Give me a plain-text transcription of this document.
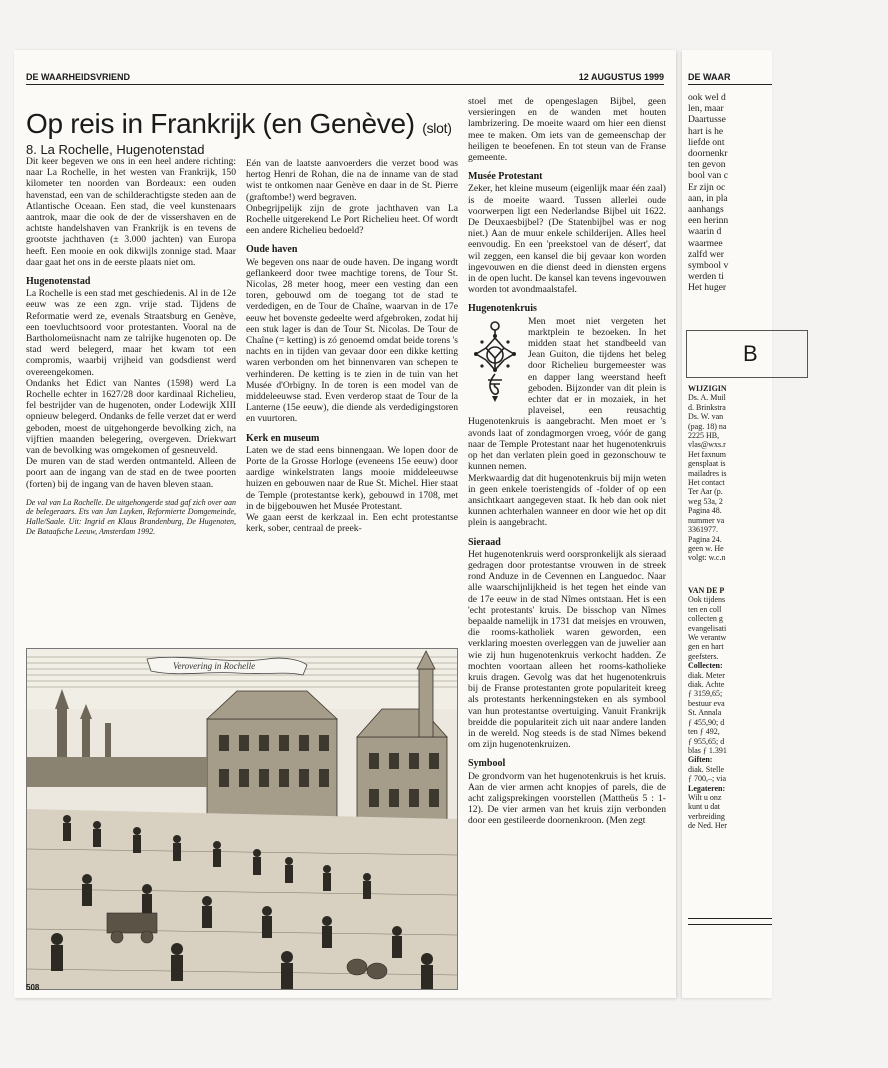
DE WAARHEIDSVRIEND	12 AUGUSTUS 1999
Op reis in Frankrijk (en Genève) (slot)
8. La Rochelle, Hugenotenstad

Dit keer begeven we ons in een heel andere richting: naar La Rochelle, in het westen van Frankrijk, 150 kilometer ten noorden van Bordeaux: een ouden havenstad, een van de schilderachtigste steden aan de Atlantische Oceaan. Een stad, die veel kunstenaars aantrok, maar die ook de der de vissershaven en de achtste handelshaven van Frankrijk is en tevens de grootste jachthaven (± 3.000 jachten) van Europa heeft. Een mooie en ook dikwijls zonnige stad. Maar daar gaat het ons in de eerste plaats niet om.

Hugenotenstad

La Rochelle is een stad met geschiedenis. Al in de 12e eeuw was ze een zgn. vrije stad. Tijdens de Reformatie werd ze, evenals Straatsburg en Genève, een toevluchtsoord voor protestanten. Vooral na de Bartholomeüsnacht nam ze talrijke hugenoten op. De stad werd belegerd, maar het kwam tot een compromis, waarbij vrijheid van godsdienst werd overeengekomen.

Ondanks het Edict van Nantes (1598) werd La Rochelle echter in 1627/28 door kardinaal Richelieu, fel bestrijder van de hugenoten, onder Lodewijk XIII opnieuw belegerd. Ondanks de felle verzet dat er werd geboden, moest de uitgehongerde bevolking zich, na vijftien maanden belegering, overgeven. Driekwart van de bevolking was omgekomen of gesneuveld.

De muren van de stad werden ontmanteld. Alleen de poort aan de ingang van de stad en de twee poorten (forten) bij de ingang van de haven bleven staan.

De val van La Rochelle. De uitgehongerde stad gaf zich over aan de belegeraars. Ets van Jan Luyken, Reformierte Domgemeinde, Halle/Saale. Uit: Ingrid en Klaus Brandenburg, De Hugenoten, De Bataafsche Leeuw, Amsterdam 1992.

Eén van de laatste aanvoerders die verzet bood was hertog Henri de Rohan, die na de inname van de stad wist te ontkomen naar Genève en daar in de St. Pierre (graftombe!) werd begraven.

Onbegrijpelijk zijn de grote jachthaven van La Rochelle uitgerekend Le Port Richelieu heet. Of wordt een andere Richelieu bedoeld?

Oude haven

We begeven ons naar de oude haven. De ingang wordt geflankeerd door twee machtige torens, de Tour St. Nicolas, 28 meter hoog, meer een vesting dan een toren, gebouwd om de toegang tot de stad te verdedigen, en de Tour de Chaîne, waarvan in de 17e eeuw het bovenste gedeelte werd afgebroken, zodat hij een stuk lager is dan de Tour St. Nicolas. De Tour de Chaîne (= ketting) is zó genoemd omdat beide torens 's nachts en in tijden van gevaar door een dikke ketting waren verbonden om het binnenvaren van schepen te verhinderen. De ketting is te zien in de tuin van het Musée d'Orbigny. In de toren is een model van de middeleeuwse stad. Even verderop staat de Tour de la Lanterne (15e eeuw), die diende als verdedigingstoren en vuurtoren.

Kerk en museum

Laten we de stad eens binnengaan. We lopen door de Porte de la Grosse Horloge (eveneens 15e eeuw) door aardige winkelstraten langs mooie middeleeuwse huizen en gebouwen naar de Rue St. Michel. Hier staat de Temple (protestantse kerk), gebouwd in 1708, met in de bijgebouwen het Musée Protestant.

We gaan eerst de kerkzaal in. Een echt protestantse kerk, sober, centraal de preek-

stoel met de opengeslagen Bijbel, geen versieringen en de wanden met houten lambrizering. De moeite waard om hier een dienst mee te maken. Om iets van de gemeenschap der heiligen te beoefenen. En tot steun van de Franse gemeente.

Musée Protestant

Zeker, het kleine museum (eigenlijk maar één zaal) is de moeite waard. Tussen allerlei oude voorwerpen ligt een Nederlandse Bijbel uit 1622. De Deuxaesbijbel? (De Statenbijbel was er nog niet.) Aan de muur enkele schilderijen. Alles heel eenvoudig. En een 'preekstoel van de désert', dat wil zeggen, een kansel die bij gevaar kon worden ingevouwen en die dienst deed in diensten ergens in de open lucht. De kansel kan tevens ingevouwen worden tot avondmaalstafel.

Hugenotenkruis

Men moet niet vergeten het marktplein te bezoeken. In het midden staat het standbeeld van Jean Guiton, die tijdens het beleg door Richelieu burgemeester was en dapper lang weerstand heeft geboden. Bijzonder van dit plein is echter dat er in mozaiek, in het plaveisel, een reusachtig Hugenotenkruis is aangebracht. Men moet er 's avonds laat of zondagmorgen vroeg, vóór de gang naar de Temple Protestant naar het hugenotenkruis op het dan verlaten plein goed in gezonschouw te kunnen nemen.

Merkwaardig dat dit hugenotenkruis bij mijn weten in geen enkele toeristengids of -folder of op een ansichtkaart aangegeven staat. Ik heb dan ook niet kunnen achterhalen wanneer en door wie het op dit plein is aangebracht.

Sieraad

Het hugenotenkruis werd oorspronkelijk als sieraad gedragen door protestantse vrouwen in de streek rond Anduze in de Cevennen en Languedoc. Naar alle waarschijnlijkheid is het tegen het einde van de 17e eeuw in de stad Nîmes ontstaan. Het is een 'echt protestants' kruis. De bisschop van Nîmes bepaalde namelijk in 1731 dat meisjes en vrouwen, die rooms-katholiek waren geworden, een verklaring moesten overleggen van de juwelier aan wie zij hun hugenotenkruis verkocht hadden. Ze mochten voortaan alleen het rooms-katholieke kruis dragen. Gevolg was dat het hugenotenkruis bij de Franse protestanten grote populariteit kreeg als protestants herkenningsteken en als symbool van hun protestantse overtuiging. Vanuit Frankrijk breidde die populariteit zich uit naar andere landen in de wereld. Nog steeds is de stad Nîmes bekend om zijn hugenotenkruizen.

Symbool

De grondvorm van het hugenotenkruis is het kruis. Aan de vier armen acht knopjes of parels, die de acht zaligsprekingen voorstellen (Mattheüs 5 : 1-12). De vier armen van het kruis zijn verbonden door een gestileerde doornenkroon. (Men zegt

Verovering in Rochelle
508
DE WAAR
ook wel d
len, maar
Daartusse
hart is he
liefde ont
doornenkr
ten gevon
bool van c
Er zijn oc
aan, in pla
aanhangs
een herinn
waarin d
waarmee
zalfd wer
symbool v
werden ti
Het huger
B
WIJZIGIN
Ds. A. Muil
d. Brinkstra
Ds. W. van
(pag. 18) na
2225 HB,
vlas@wxs.r
Het faxnum
gensplaat is
mailadres is
Het contact
Ter Aar (p.
weg 53a, 2
Pagina 48.
nummer va
3361977.
Pagina 24.
geen w. He
volgt: w.c.n
VAN DE P
Ook tijdens
ten en coll
collecten g
evangelisati
We verantw
gen en hart
geefsters.
Collecten:
diak. Meter
diak. Achte
ƒ 3159,65;
bestuur eva
St. Annala
ƒ 455,90; d
ten ƒ 492,
ƒ 955,65; d
blas ƒ 1.391
Giften:
diak. Stelle
ƒ 700,–; via
Legateren:
Wilt u onz
kunt u dat
verbreiding
de Ned. Her
